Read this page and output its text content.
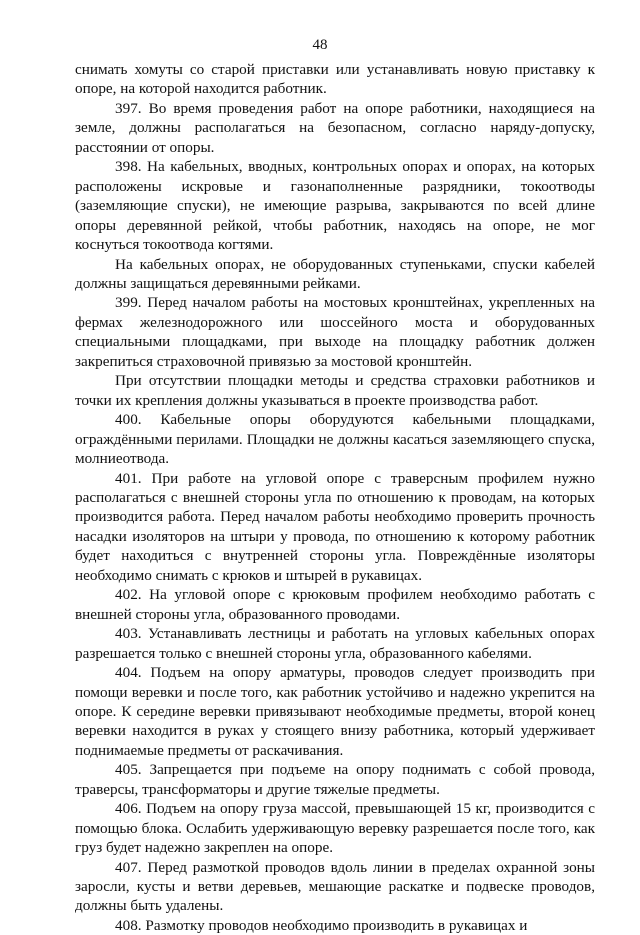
48

снимать хомуты со старой приставки или устанавливать новую приставку к опоре, на которой находится работник.

397. Во время проведения работ на опоре работники, находящиеся на земле, должны располагаться на безопасном, согласно наряду-допуску, расстоянии от опоры.

398. На кабельных, вводных, контрольных опорах и опорах, на которых расположены искровые и газонаполненные разрядники, токоотводы (заземляющие спуски), не имеющие разрыва, закрываются по всей длине опоры деревянной рейкой, чтобы работник, находясь на опоре, не мог коснуться токоотвода когтями.

На кабельных опорах, не оборудованных ступеньками, спуски кабелей должны защищаться деревянными рейками.

399. Перед началом работы на мостовых кронштейнах, укрепленных на фермах железнодорожного или шоссейного моста и оборудованных специальными площадками, при выходе на площадку работник должен закрепиться страховочной привязью за мостовой кронштейн.

При отсутствии площадки методы и средства страховки работников и точки их крепления должны указываться в проекте производства работ.

400. Кабельные опоры оборудуются кабельными площадками, ограждёнными перилами. Площадки не должны касаться заземляющего спуска, молниеотвода.

401. При работе на угловой опоре с траверсным профилем нужно располагаться с внешней стороны угла по отношению к проводам, на которых производится работа. Перед началом работы необходимо проверить прочность насадки изоляторов на штыри у провода, по отношению к которому работник будет находиться с внутренней стороны угла. Повреждённые изоляторы необходимо снимать с крюков и штырей в рукавицах.

402. На угловой опоре с крюковым профилем необходимо работать с внешней стороны угла, образованного проводами.

403. Устанавливать лестницы и работать на угловых кабельных опорах разрешается только с внешней стороны угла, образованного кабелями.

404. Подъем на опору арматуры, проводов следует производить при помощи веревки и после того, как работник устойчиво и надежно укрепится на опоре. К середине веревки привязывают необходимые предметы, второй конец веревки находится в руках у стоящего внизу работника, который удерживает поднимаемые предметы от раскачивания.

405. Запрещается при подъеме на опору поднимать с собой провода, траверсы, трансформаторы и другие тяжелые предметы.

406. Подъем на опору груза массой, превышающей 15 кг, производится с помощью блока. Ослабить удерживающую веревку разрешается после того, как груз будет надежно закреплен на опоре.

407. Перед размоткой проводов вдоль линии в пределах охранной зоны заросли, кусты и ветви деревьев, мешающие раскатке и подвеске проводов, должны быть удалены.

408. Размотку проводов необходимо производить в рукавицах и
